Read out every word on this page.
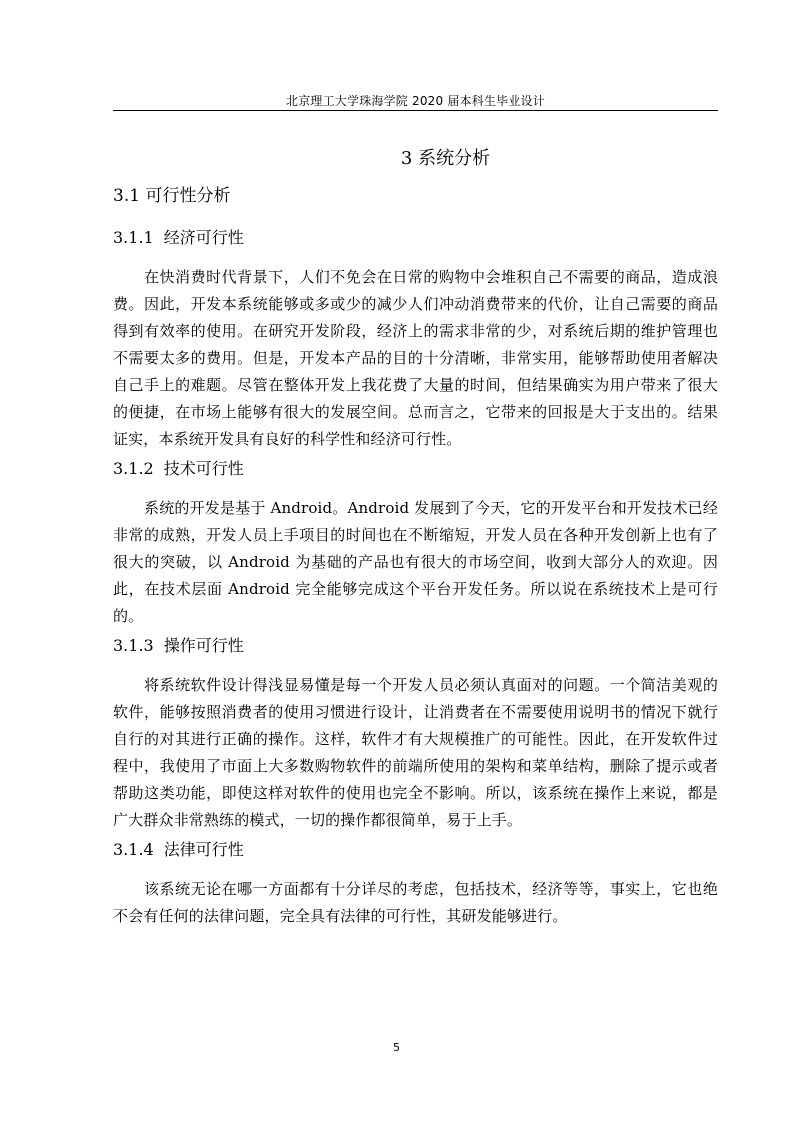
北京理工大学珠海学院 2020 届本科生毕业设计
3 系统分析
3.1 可行性分析
3.1.1 经济可行性

在快消费时代背景下，人们不免会在日常的购物中会堆积自己不需要的商品，造成浪费。因此，开发本系统能够或多或少的减少人们冲动消费带来的代价，让自己需要的商品得到有效率的使用。在研究开发阶段，经济上的需求非常的少，对系统后期的维护管理也不需要太多的费用。但是，开发本产品的目的十分清晰，非常实用，能够帮助使用者解决自己手上的难题。尽管在整体开发上我花费了大量的时间，但结果确实为用户带来了很大的便捷，在市场上能够有很大的发展空间。总而言之，它带来的回报是大于支出的。结果证实，本系统开发具有良好的科学性和经济可行性。

3.1.2 技术可行性

系统的开发是基于 Android。Android 发展到了今天，它的开发平台和开发技术已经非常的成熟，开发人员上手项目的时间也在不断缩短，开发人员在各种开发创新上也有了很大的突破，以 Android 为基础的产品也有很大的市场空间，收到大部分人的欢迎。因此，在技术层面 Android 完全能够完成这个平台开发任务。所以说在系统技术上是可行的。

3.1.3 操作可行性

将系统软件设计得浅显易懂是每一个开发人员必须认真面对的问题。一个简洁美观的软件，能够按照消费者的使用习惯进行设计，让消费者在不需要使用说明书的情况下就行自行的对其进行正确的操作。这样，软件才有大规模推广的可能性。因此，在开发软件过程中，我使用了市面上大多数购物软件的前端所使用的架构和菜单结构，删除了提示或者帮助这类功能，即使这样对软件的使用也完全不影响。所以，该系统在操作上来说，都是广大群众非常熟练的模式，一切的操作都很简单，易于上手。

3.1.4 法律可行性

该系统无论在哪一方面都有十分详尽的考虑，包括技术，经济等等，事实上，它也绝不会有任何的法律问题，完全具有法律的可行性，其研发能够进行。

5
